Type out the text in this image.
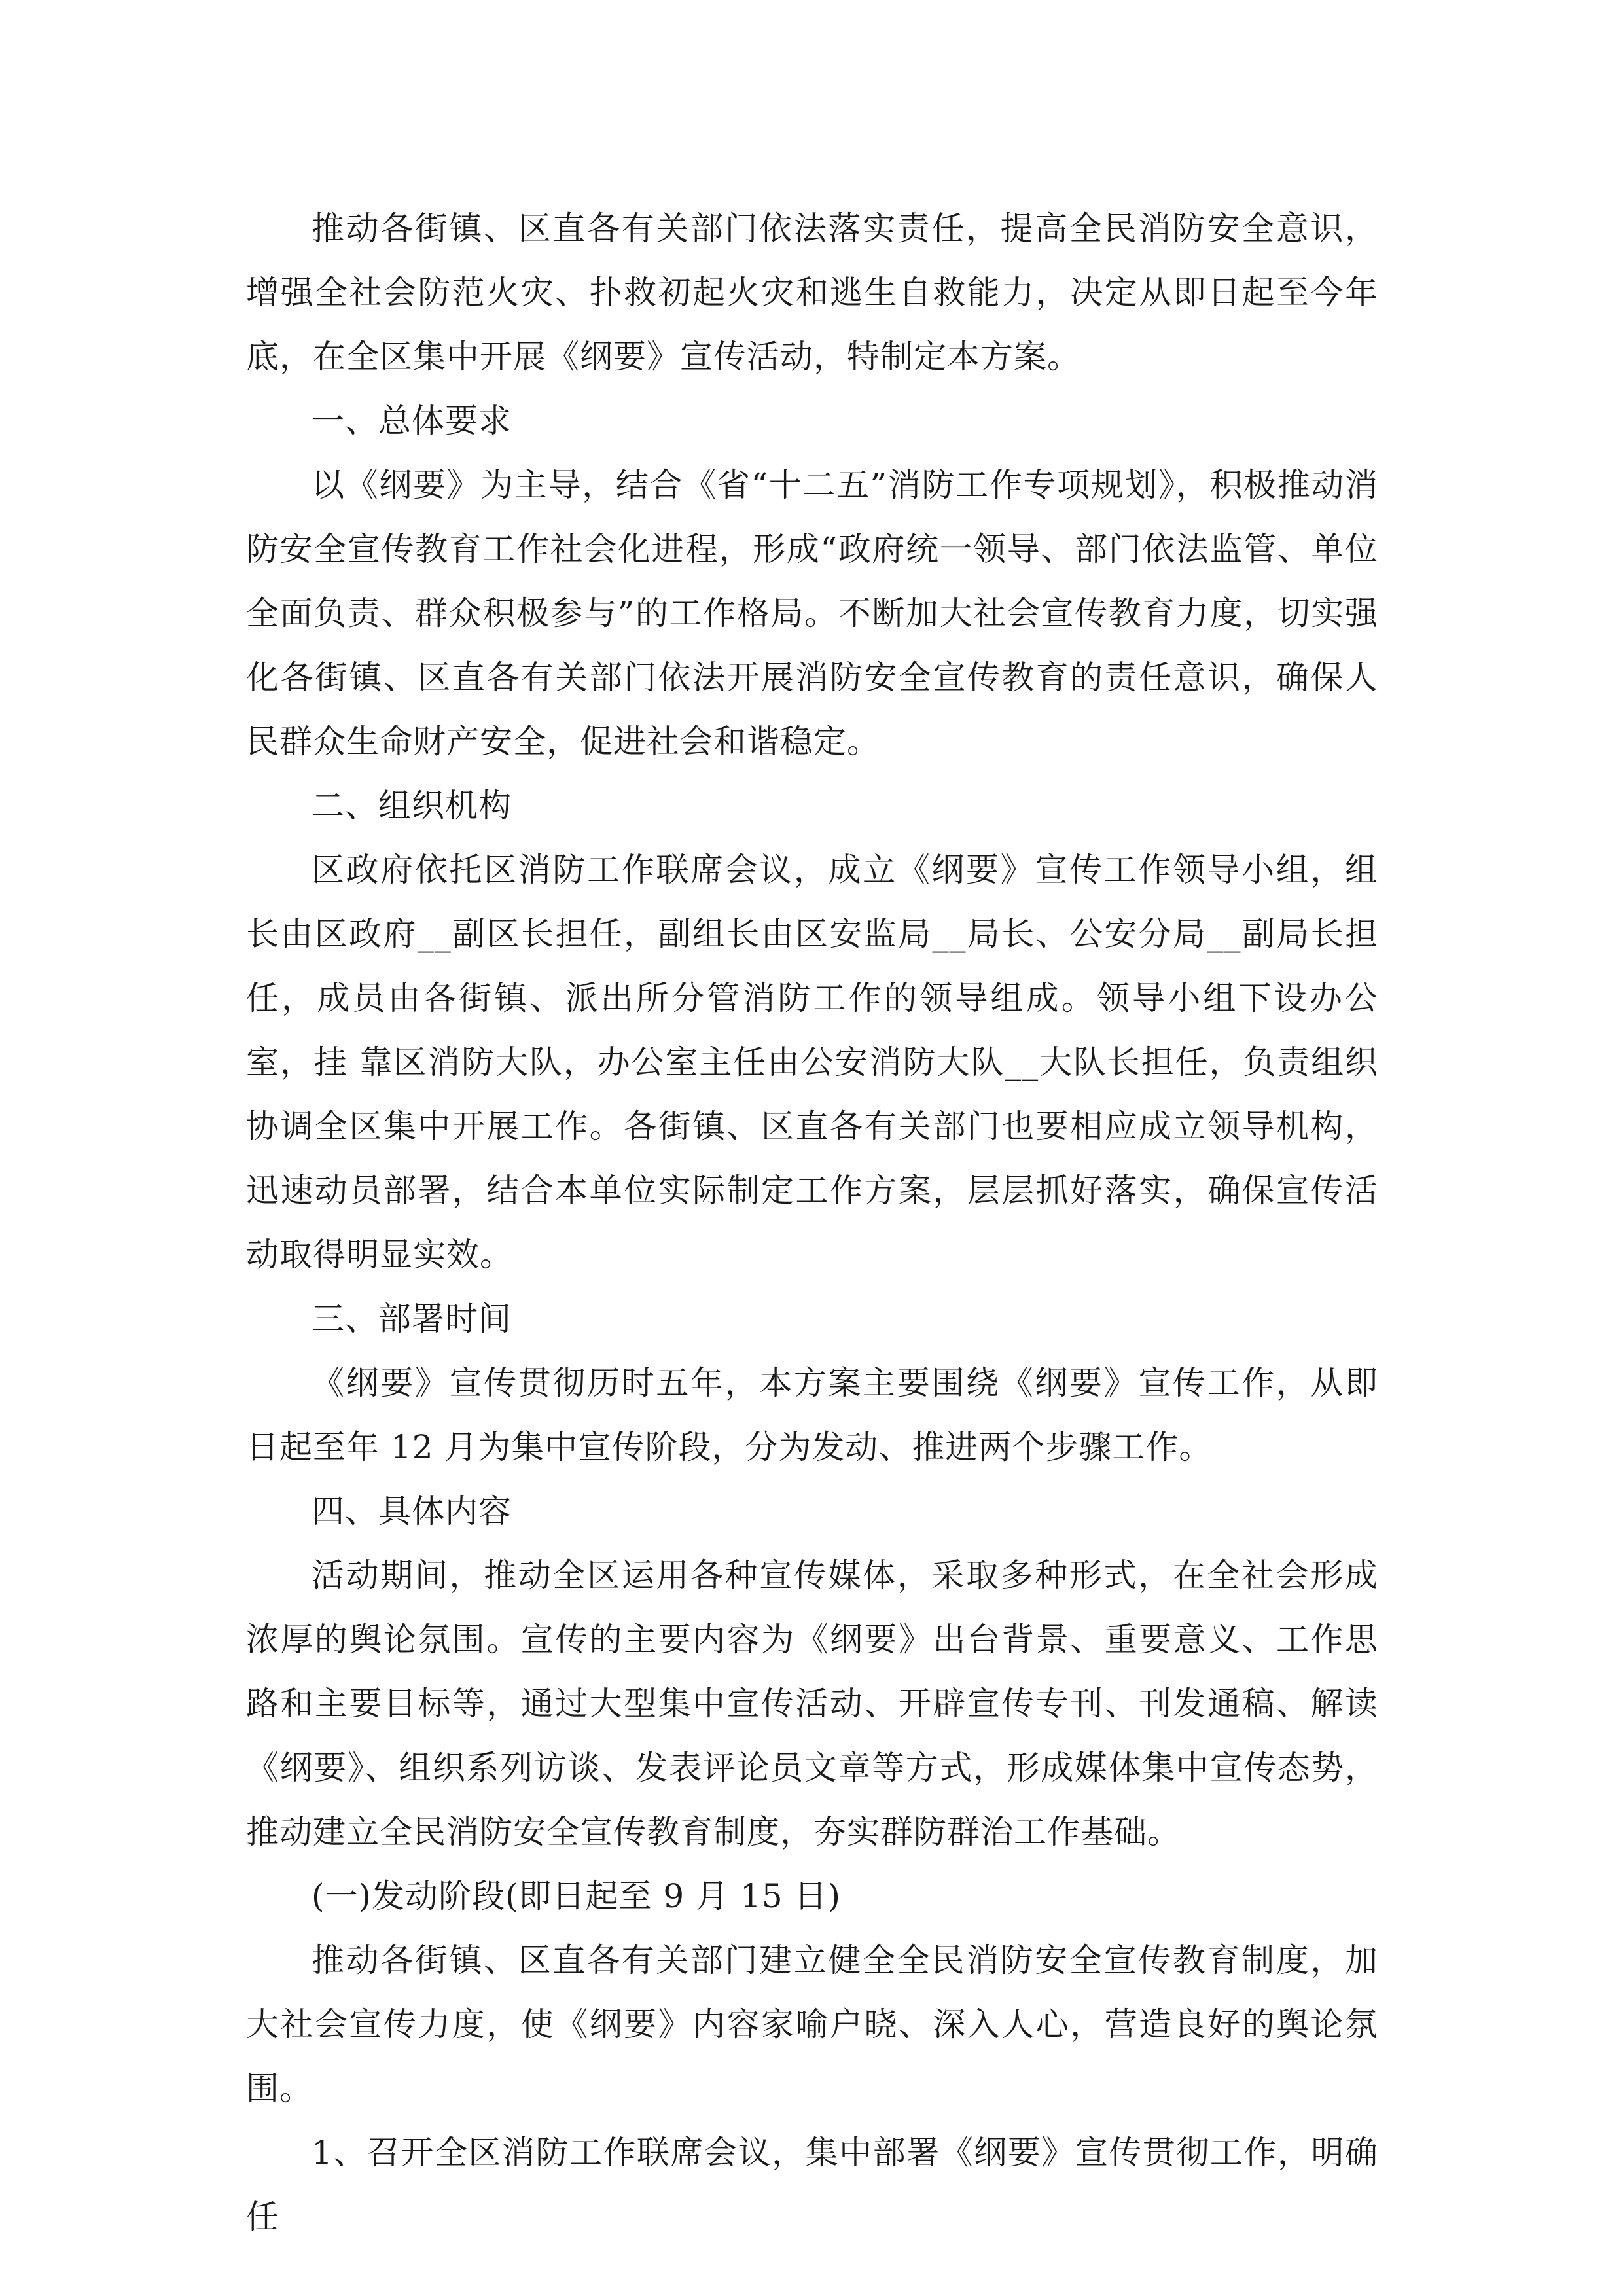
推动各街镇、区直各有关部门依法落实责任，提高全民消防安全意识，增强全社会防范火灾、扑救初起火灾和逃生自救能力，决定从即日起至今年底，在全区集中开展《纲要》宣传活动，特制定本方案。

一、总体要求

以《纲要》为主导，结合《省“十二五”消防工作专项规划》，积极推动消防安全宣传教育工作社会化进程，形成“政府统一领导、部门依法监管、单位全面负责、群众积极参与”的工作格局。不断加大社会宣传教育力度，切实强化各街镇、区直各有关部门依法开展消防安全宣传教育的责任意识，确保人民群众生命财产安全，促进社会和谐稳定。

二、组织机构

区政府依托区消防工作联席会议，成立《纲要》宣传工作领导小组，组长由区政府__副区长担任，副组长由区安监局__局长、公安分局__副局长担任，成员由各街镇、派出所分管消防工作的领导组成。领导小组下设办公室，挂 靠区消防大队，办公室主任由公安消防大队__大队长担任，负责组织协调全区集中开展工作。各街镇、区直各有关部门也要相应成立领导机构，迅速动员部署，结合本单位实际制定工作方案，层层抓好落实，确保宣传活动取得明显实效。

三、部署时间

《纲要》宣传贯彻历时五年，本方案主要围绕《纲要》宣传工作，从即日起至年 12 月为集中宣传阶段，分为发动、推进两个步骤工作。

四、具体内容

活动期间，推动全区运用各种宣传媒体，采取多种形式，在全社会形成浓厚的舆论氛围。宣传的主要内容为《纲要》出台背景、重要意义、工作思路和主要目标等，通过大型集中宣传活动、开辟宣传专刊、刊发通稿、解读《纲要》、组织系列访谈、发表评论员文章等方式，形成媒体集中宣传态势，推动建立全民消防安全宣传教育制度，夯实群防群治工作基础。

(一)发动阶段(即日起至 9 月 15 日)

推动各街镇、区直各有关部门建立健全全民消防安全宣传教育制度，加大社会宣传力度，使《纲要》内容家喻户晓、深入人心，营造良好的舆论氛围。

1、召开全区消防工作联席会议，集中部署《纲要》宣传贯彻工作，明确任
